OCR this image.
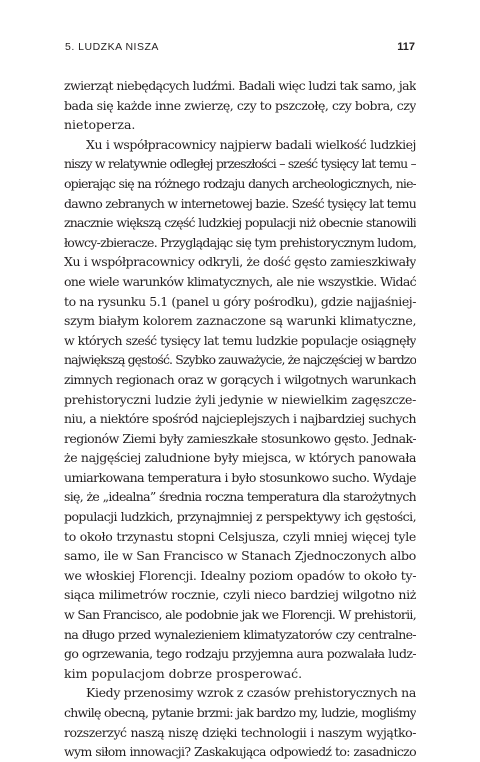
5. LUDZKA NISZA	117
zwierząt niebędących ludźmi. Badali więc ludzi tak samo, jak
bada się każde inne zwierzę, czy to pszczołę, czy bobra, czy
nietoperza.
Xu i współpracownicy najpierw badali wielkość ludzkiej
niszy w relatywnie odległej przeszłości – sześć tysięcy lat temu –
opierając się na różnego rodzaju danych archeologicznych, nie-
dawno zebranych w internetowej bazie. Sześć tysięcy lat temu
znacznie większą część ludzkiej populacji niż obecnie stanowili
łowcy-zbieracze. Przyglądając się tym prehistorycznym ludom,
Xu i współpracownicy odkryli, że dość gęsto zamieszkiwały
one wiele warunków klimatycznych, ale nie wszystkie. Widać
to na rysunku 5.1 (panel u góry pośrodku), gdzie najjaśniej-
szym białym kolorem zaznaczone są warunki klimatyczne,
w których sześć tysięcy lat temu ludzkie populacje osiągnęły
największą gęstość. Szybko zauważycie, że najczęściej w bardzo
zimnych regionach oraz w gorących i wilgotnych warunkach
prehistoryczni ludzie żyli jedynie w niewielkim zagęszcze-
niu, a niektóre spośród najcieplejszych i najbardziej suchych
regionów Ziemi były zamieszkałe stosunkowo gęsto. Jednak-
że najgęściej zaludnione były miejsca, w których panowała
umiarkowana temperatura i było stosunkowo sucho. Wydaje
się, że „idealna” średnia roczna temperatura dla starożytnych
populacji ludzkich, przynajmniej z perspektywy ich gęstości,
to około trzynastu stopni Celsjusza, czyli mniej więcej tyle
samo, ile w San Francisco w Stanach Zjednoczonych albo
we włoskiej Florencji. Idealny poziom opadów to około ty-
siąca milimetrów rocznie, czyli nieco bardziej wilgotno niż
w San Francisco, ale podobnie jak we Florencji. W prehistorii,
na długo przed wynalezieniem klimatyzatorów czy centralne-
go ogrzewania, tego rodzaju przyjemna aura pozwalała ludz-
kim populacjom dobrze prosperować.
Kiedy przenosimy wzrok z czasów prehistorycznych na
chwilę obecną, pytanie brzmi: jak bardzo my, ludzie, mogliśmy
rozszerzyć naszą niszę dzięki technologii i naszym wyjątko-
wym siłom innowacji? Zaskakująca odpowiedź to: zasadniczo
